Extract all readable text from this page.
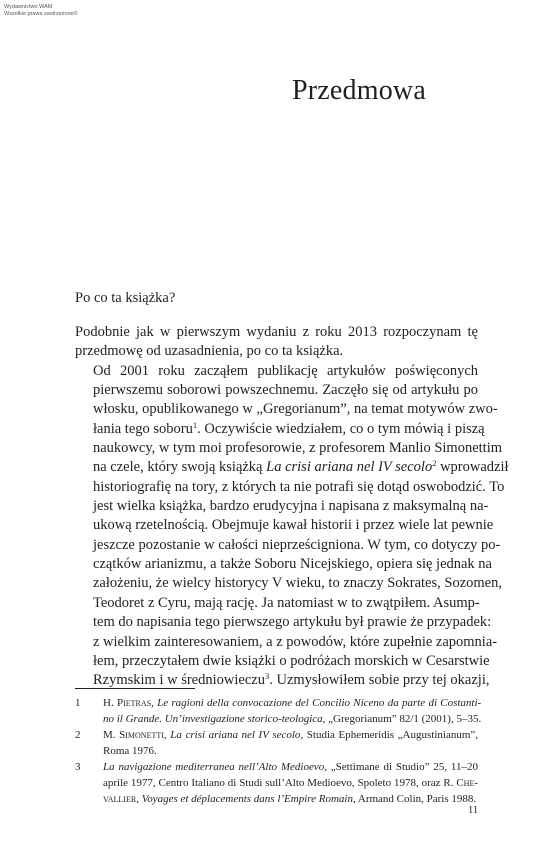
Wydawnictwo WAM
Wszelkie prawa zastrzeżone©
Przedmowa
Po co ta książka?

Podobnie jak w pierwszym wydaniu z roku 2013 rozpoczynam tę
przedmowę od uzasadnienia, po co ta książka.

Od 2001 roku zacząłem publikację artykułów poświęconych
pierwszemu soborowi powszechnemu. Zaczęło się od artykułu po
włosku, opublikowanego w „Gregorianum”, na temat motywów zwo-
łania tego soboru$^1$. Oczywiście wiedziałem, co o tym mówią i piszą
naukowcy, w tym moi profesorowie, z profesorem Manlio Simonettim
na czele, który swoją książką La crisi ariana nel IV secolo$^2$ wprowadził
historiografię na tory, z których ta nie potrafi się dotąd oswobodzić. To
jest wielka książka, bardzo erudycyjna i napisana z maksymalną na-
ukową rzetelnością. Obejmuje kawał historii i przez wiele lat pewnie
jeszcze pozostanie w całości nieprześcigniona. W tym, co dotyczy po-
czątków arianizmu, a także Soboru Nicejskiego, opiera się jednak na
założeniu, że wielcy historycy V wieku, to znaczy Sokrates, Sozomen,
Teodoret z Cyru, mają rację. Ja natomiast w to zwątpiłem. Asump-
tem do napisania tego pierwszego artykułu był prawie że przypadek:
z wielkim zainteresowaniem, a z powodów, które zupełnie zapomnia-
łem, przeczytałem dwie książki o podróżach morskich w Cesarstwie
Rzymskim i w średniowieczu$^3$. Uzmysłowiłem sobie przy tej okazji,

1	H. Pietras, Le ragioni della convocazione del Concilio Niceno da parte di Costanti-
no il Grande. Un’investigazione storico-teologica, „Gregorianum” 82/1 (2001), 5–35.
2	M. Simonetti, La crisi ariana nel IV secolo, Studia Ephemeridis „Augustinianum”,
Roma 1976.
3	La navigazione mediterranea nell’Alto Medioevo, „Settimane di Studio” 25, 11–20
aprile 1977, Centro Italiano di Studi sull’Alto Medioevo, Spoleto 1978, oraz R. Che-
vallier, Voyages et déplacements dans l’Empire Romain, Armand Colin, Paris 1988.
11
